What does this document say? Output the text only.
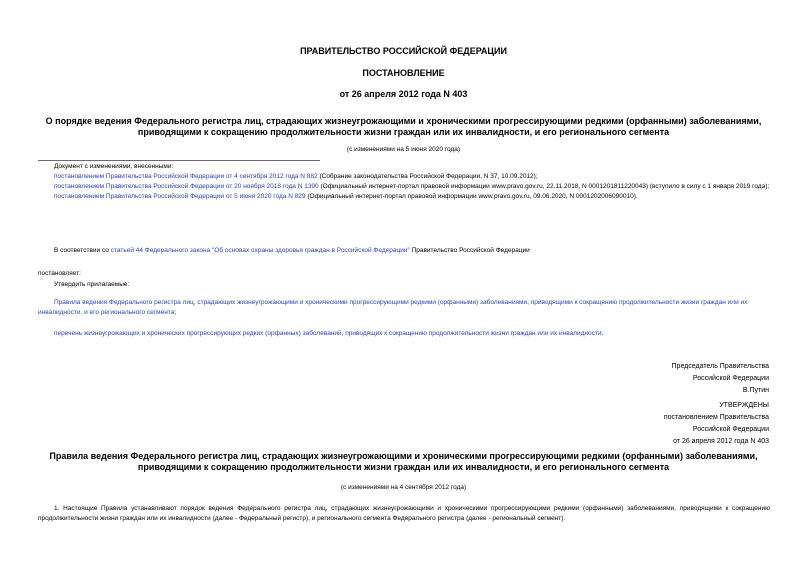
ПРАВИТЕЛЬСТВО РОССИЙСКОЙ ФЕДЕРАЦИИ
ПОСТАНОВЛЕНИЕ
от 26 апреля 2012 года N 403
О порядке ведения Федерального регистра лиц, страдающих жизнеугрожающими и хроническими прогрессирующими редкими (орфанными) заболеваниями,
приводящими к сокращению продолжительности жизни граждан или их инвалидности, и его регионального сегмента
(с изменениями на 5 июня 2020 года)
Документ с изменениями, внесенными:
постановлением Правительства Российской Федерации от 4 сентября 2012 года N 882 (Собрание законодательства Российской Федерации, N 37, 10.09.2012);
постановлением Правительства Российской Федерации от 20 ноября 2018 года N 1390 (Официальный интернет-портал правовой информации www.pravo.gov.ru, 22.11.2018, N 0001201811220043) (вступило в силу с 1 января 2019 года);
постановлением Правительства Российской Федерации от 5 июня 2020 года N 829 (Официальный интернет-портал правовой информации www.pravo.gov.ru, 09.06.2020, N 0001202006090010).
В соответствии со статьей 44 Федерального закона "Об основах охраны здоровья граждан в Российской Федерации" Правительство Российской Федерации
постановляет:
Утвердить прилагаемые:
Правила ведения Федерального регистра лиц, страдающих жизнеугрожающими и хроническими прогрессирующими редкими (орфанными) заболеваниями, приводящими к сокращению продолжительности жизни граждан или их инвалидности, и его регионального сегмента;
перечень жизнеугрожающих и хронических прогрессирующих редких (орфанных) заболеваний, приводящих к сокращению продолжительности жизни граждан или их инвалидности.
Председатель Правительства
Российской Федерации
В.Путин
УТВЕРЖДЕНЫ
постановлением Правительства
Российской Федерации
от 26 апреля 2012 года N 403
Правила ведения Федерального регистра лиц, страдающих жизнеугрожающими и хроническими прогрессирующими редкими (орфанными) заболеваниями,
приводящими к сокращению продолжительности жизни граждан или их инвалидности, и его регионального сегмента
(с изменениями на 4 сентября 2012 года)
1. Настоящие Правила устанавливают порядок ведения Федерального регистра лиц, страдающих жизнеугрожающими и хроническими прогрессирующими редкими (орфанными) заболеваниями, приводящими к сокращению продолжительности жизни граждан или их инвалидности (далее - Федеральный регистр), и регионального сегмента Федерального регистра (далее - региональный сегмент).
